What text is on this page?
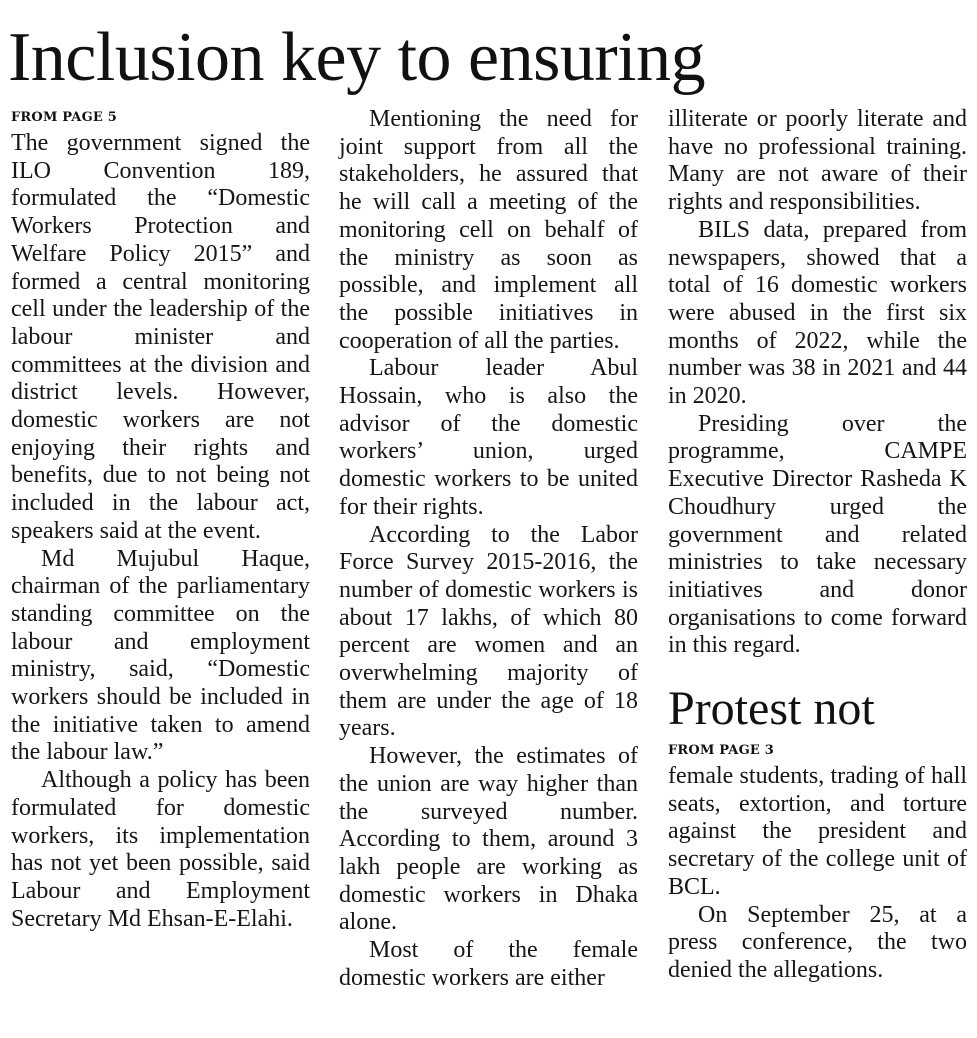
Inclusion key to ensuring
FROM PAGE 5

The government signed the ILO Convention 189, formulated the “Domestic Workers Protection and Welfare Policy 2015” and formed a central monitoring cell under the leadership of the labour minister and committees at the division and district levels. However, domestic workers are not enjoying their rights and benefits, due to not being not included in the labour act, speakers said at the event.

Md Mujubul Haque, chairman of the parliamentary standing committee on the labour and employment ministry, said, “Domestic workers should be included in the initiative taken to amend the labour law.”

Although a policy has been formulated for domestic workers, its implementation has not yet been possible, said Labour and Employment Secretary Md Ehsan-E-Elahi.

Mentioning the need for joint support from all the stakeholders, he assured that he will call a meeting of the monitoring cell on behalf of the ministry as soon as possible, and implement all the possible initiatives in cooperation of all the parties.

Labour leader Abul Hossain, who is also the advisor of the domestic workers’ union, urged domestic workers to be united for their rights.

According to the Labor Force Survey 2015-2016, the number of domestic workers is about 17 lakhs, of which 80 percent are women and an overwhelming majority of them are under the age of 18 years.

However, the estimates of the union are way higher than the surveyed number. According to them, around 3 lakh people are working as domestic workers in Dhaka alone.

Most of the female domestic workers are either

illiterate or poorly literate and have no professional training. Many are not aware of their rights and responsibilities.

BILS data, prepared from newspapers, showed that a total of 16 domestic workers were abused in the first six months of 2022, while the number was 38 in 2021 and 44 in 2020.

Presiding over the programme, CAMPE Executive Director Rasheda K Choudhury urged the government and related ministries to take necessary initiatives and donor organisations to come forward in this regard.

Protest not
FROM PAGE 3

female students, trading of hall seats, extortion, and torture against the president and secretary of the college unit of BCL.

On September 25, at a press conference, the two denied the allegations.
